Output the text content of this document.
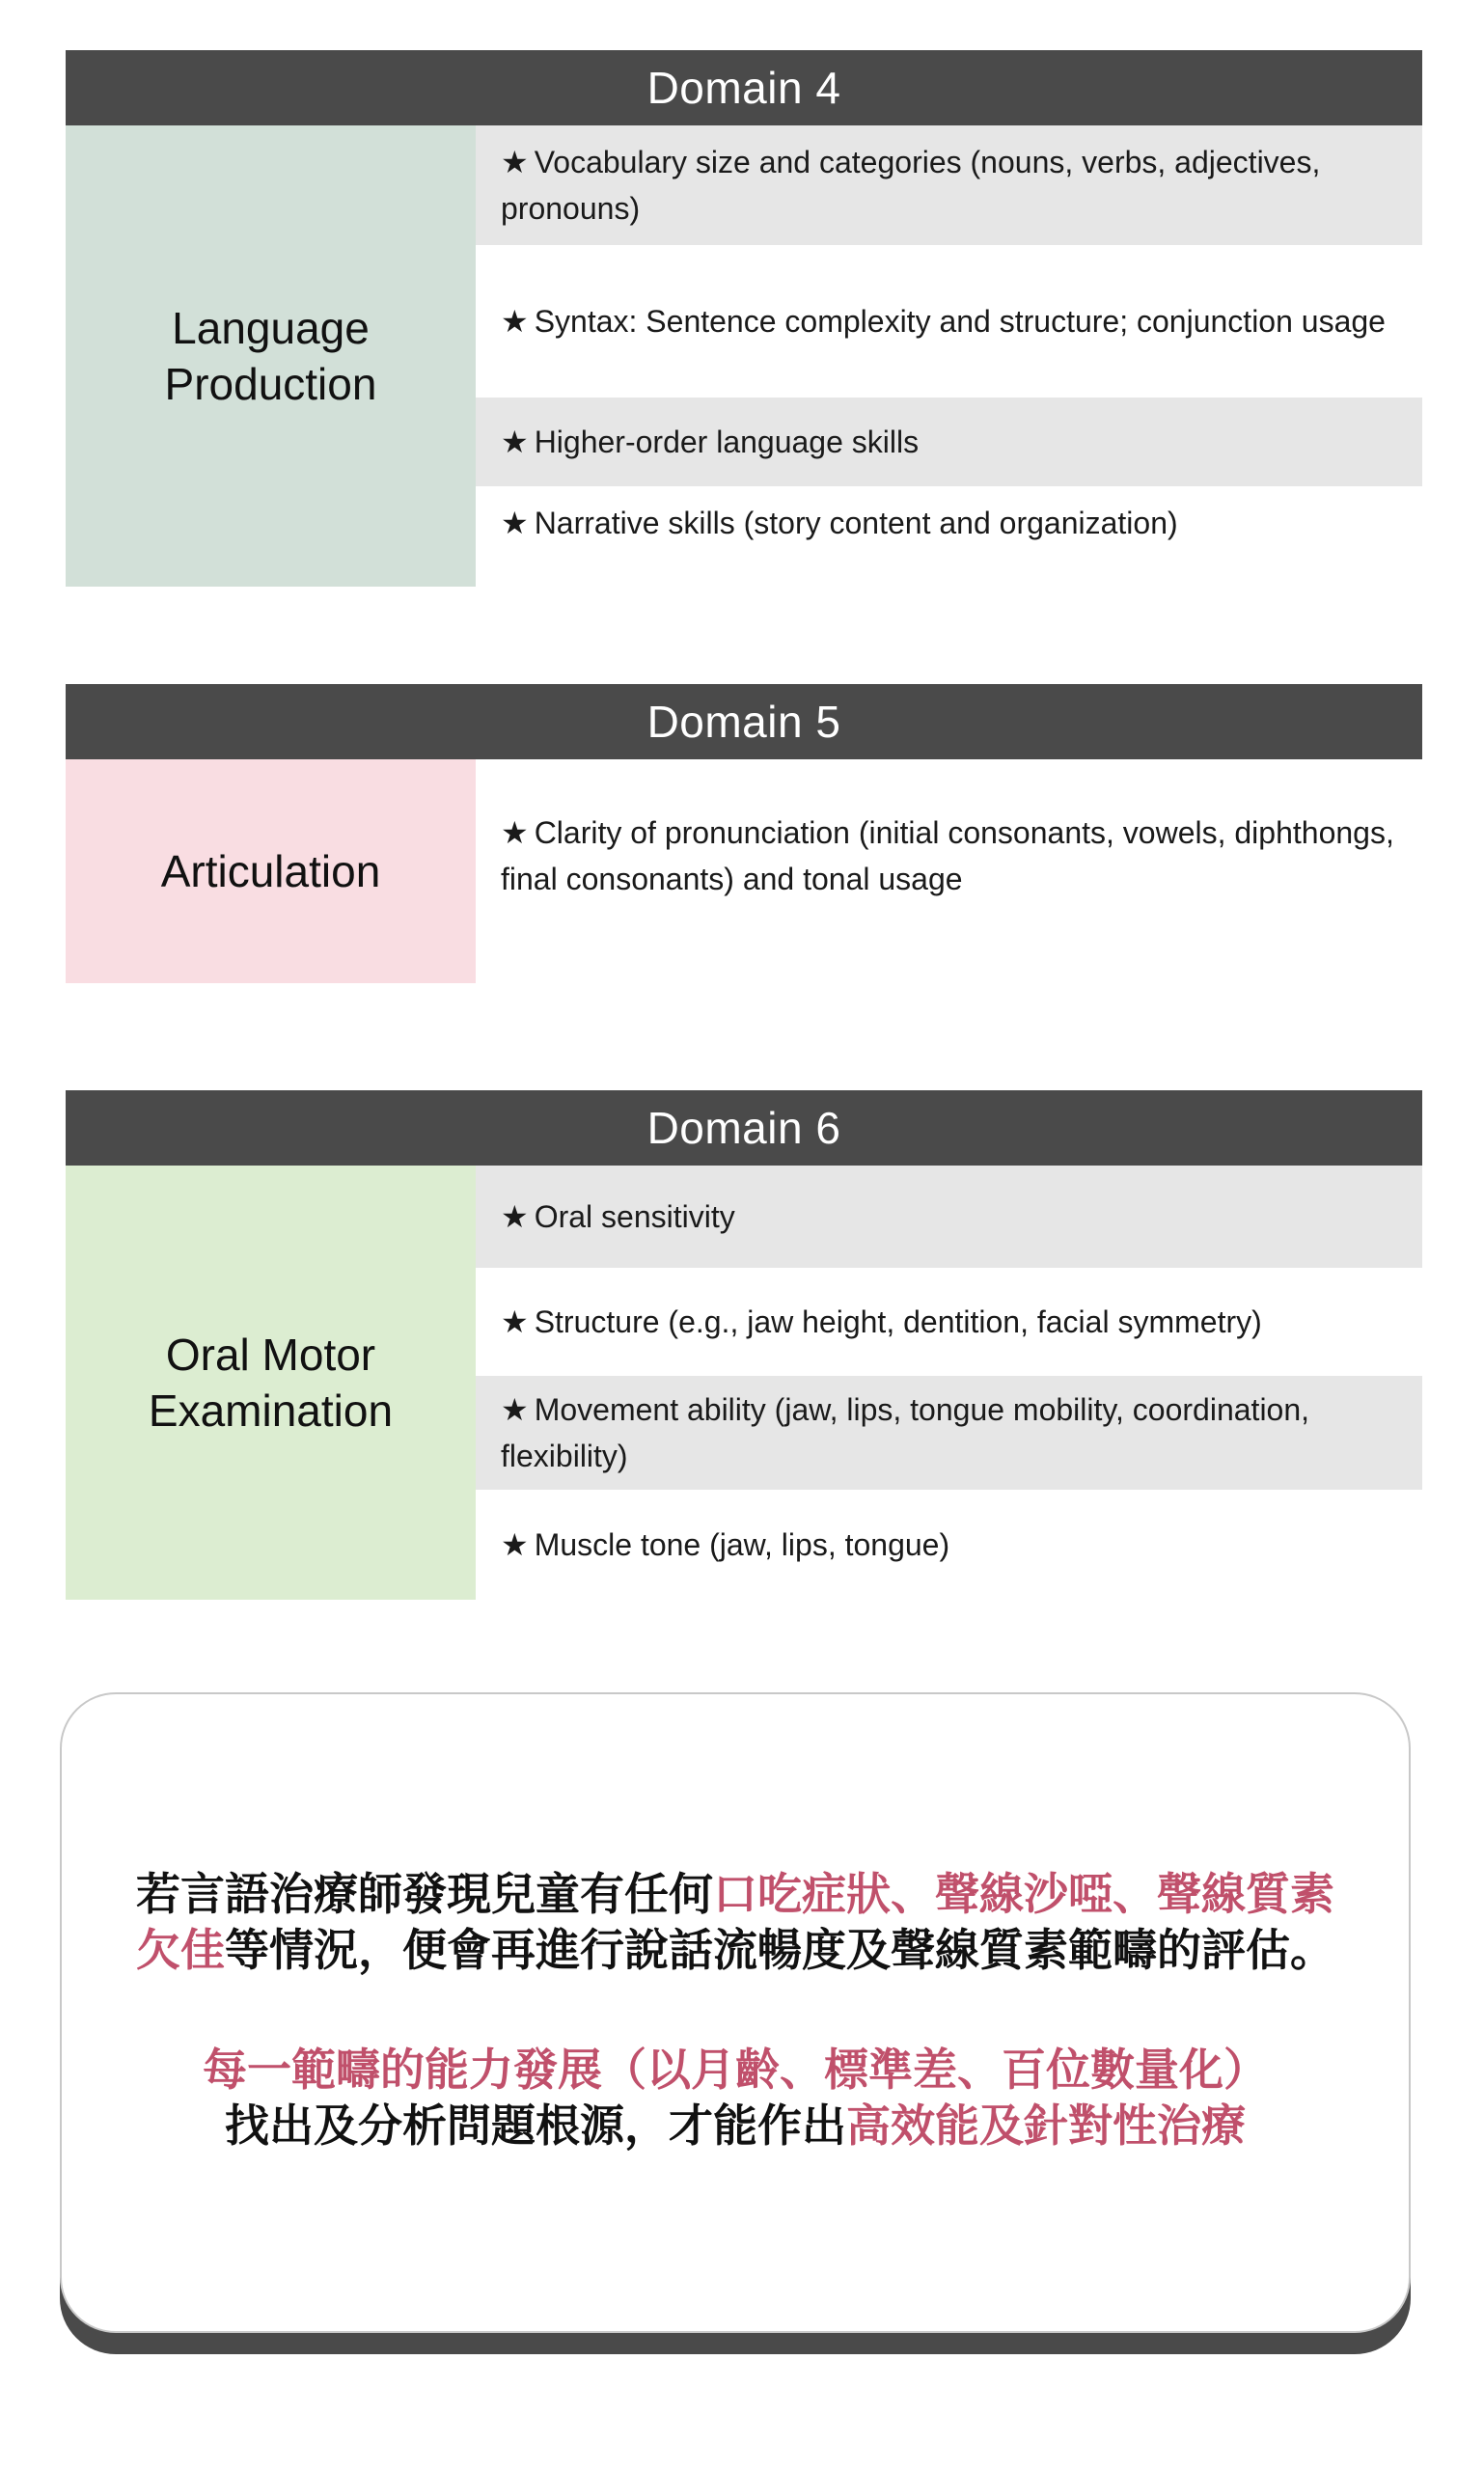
Domain 4
Language
Production
★ Vocabulary size and categories (nouns, verbs, adjectives, pronouns)
★ Syntax: Sentence complexity and structure; conjunction usage
★ Higher-order language skills
★ Narrative skills (story content and organization)
Domain 5
Articulation
★ Clarity of pronunciation (initial consonants, vowels, diphthongs, final consonants) and tonal usage
Domain 6
Oral Motor
Examination
★ Oral sensitivity
★ Structure (e.g., jaw height, dentition, facial symmetry)
★ Movement ability (jaw, lips, tongue mobility, coordination, flexibility)
★ Muscle tone (jaw, lips, tongue)
若言語治療師發現兒童有任何口吃症狀、聲線沙啞、聲線質素
欠佳等情況，便會再進行說話流暢度及聲線質素範疇的評估。
每一範疇的能力發展（以月齡、標準差、百位數量化）
找出及分析問題根源，才能作出高效能及針對性治療
